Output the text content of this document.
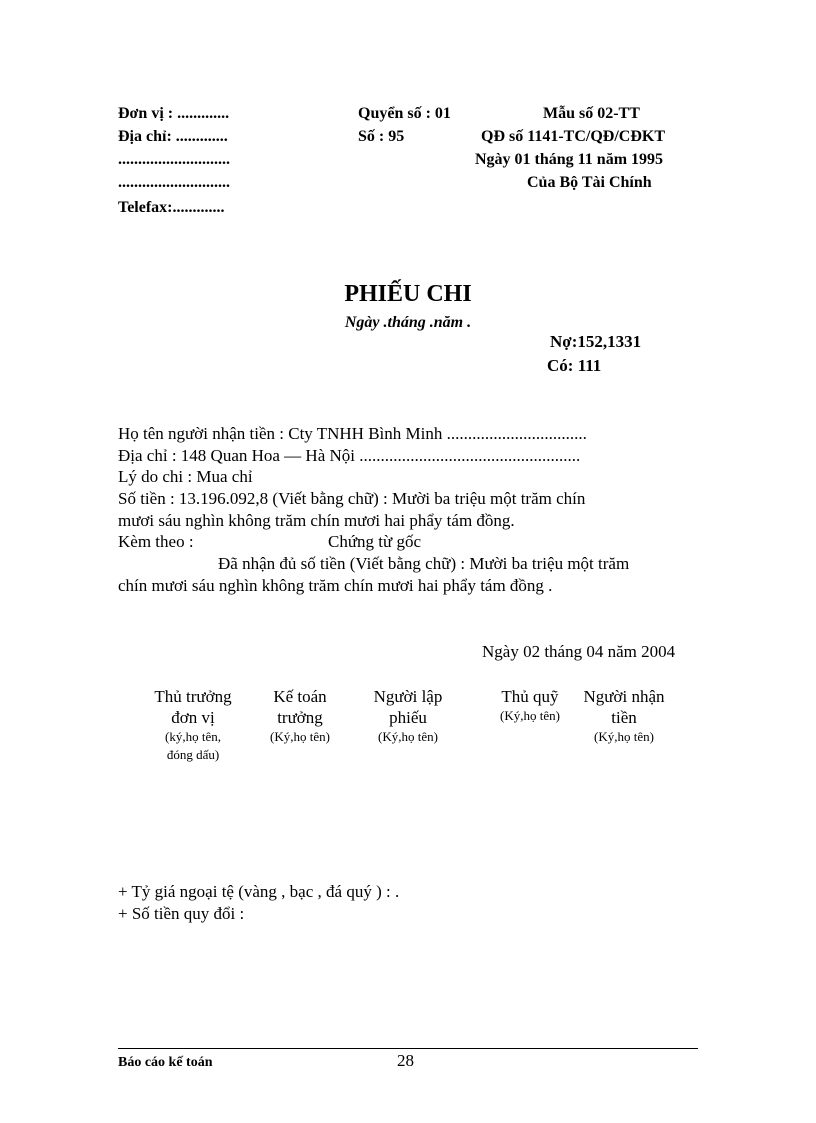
Đơn vị : .............
Địa chỉ: .............
............................
............................
Telefax:.............
Quyển số : 01
Số : 95
Mẫu số 02-TT
QĐ số 1141-TC/QĐ/CĐKT
Ngày 01 tháng 11 năm 1995
Của Bộ Tài Chính
PHIẾU CHI
Ngày .tháng .năm .
Nợ:152,1331
Có: 111
Họ tên người nhận tiền : Cty TNHH Bình Minh .................................
Địa chỉ : 148 Quan Hoa — Hà Nội ....................................................
Lý do chi : Mua chỉ
Số tiền : 13.196.092,8 (Viết bằng chữ) : Mười ba triệu một trăm chín
mươi sáu nghìn không trăm chín mươi hai phẩy tám đồng.
Kèm theo :	Chứng từ gốc
Đã nhận đủ số tiền (Viết bằng chữ) : Mười ba triệu một trăm
chín mươi sáu nghìn không trăm chín mươi hai phẩy tám đồng .
Ngày 02 tháng 04 năm 2004
Thủ trưởng
đơn vị
(ký,họ tên,
đóng dấu)
Kế toán
trưởng
(Ký,họ tên)
Người lập
phiếu
(Ký,họ tên)
Thủ quỹ
(Ký,họ tên)
Người nhận
tiền
(Ký,họ tên)
+ Tỷ giá ngoại tệ (vàng , bạc , đá quý ) : .
+ Số tiền quy đổi :
Báo cáo kế toán	28
